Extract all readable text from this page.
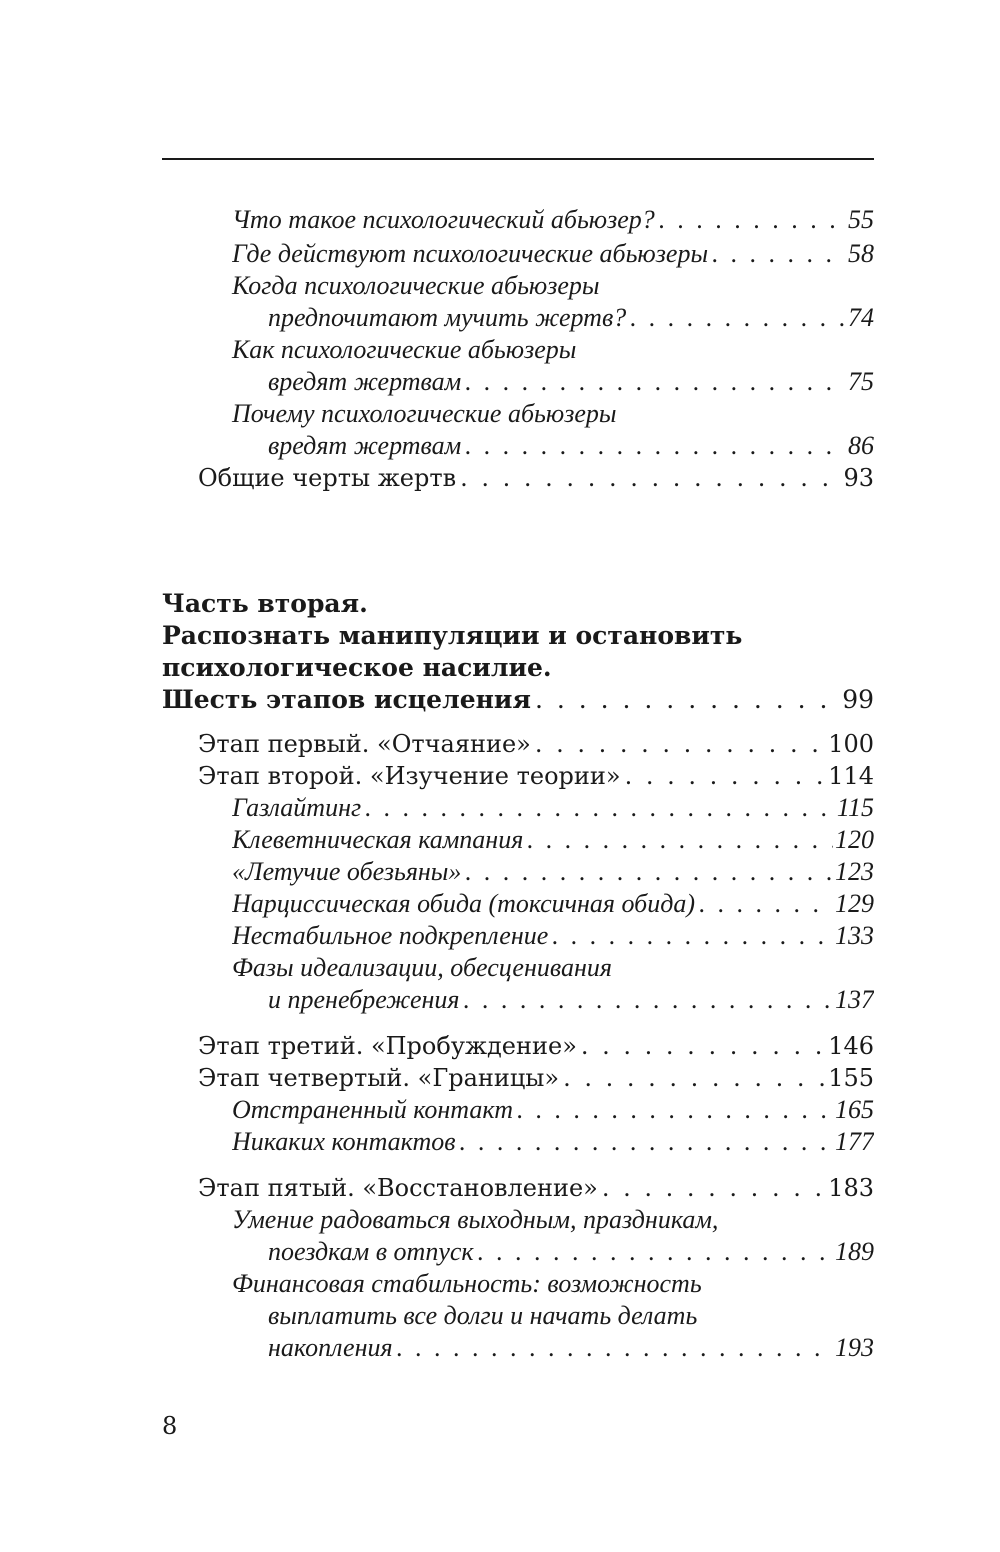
Что такое психологический абьюзер? . . .	55
Где действуют психологические абьюзеры . . .	58
Когда психологические абьюзеры
предпочитают мучить жертв? . . .	74
Как психологические абьюзеры
вредят жертвам . . .	75
Почему психологические абьюзеры
вредят жертвам . . .	86
Общие черты жертв . . .	93
Часть вторая.
Распознать манипуляции и остановить
психологическое насилие.
Шесть этапов исцеления . . .	99
Этап первый. «Отчаяние» . . .	100
Этап второй. «Изучение теории» . . .	114
Газлайтинг . . .	115
Клеветническая кампания . . .	120
«Летучие обезьяны» . . .	123
Нарциссическая обида (токсичная обида) . . .	129
Нестабильное подкрепление . . .	133
Фазы идеализации, обесценивания
и пренебрежения . . .	137
Этап третий. «Пробуждение» . . .	146
Этап четвертый. «Границы» . . .	155
Отстраненный контакт . . .	165
Никаких контактов . . .	177
Этап пятый. «Восстановление» . . .	183
Умение радоваться выходным, праздникам,
поездкам в отпуск . . .	189
Финансовая стабильность: возможность
выплатить все долги и начать делать
накопления . . .	193
8
